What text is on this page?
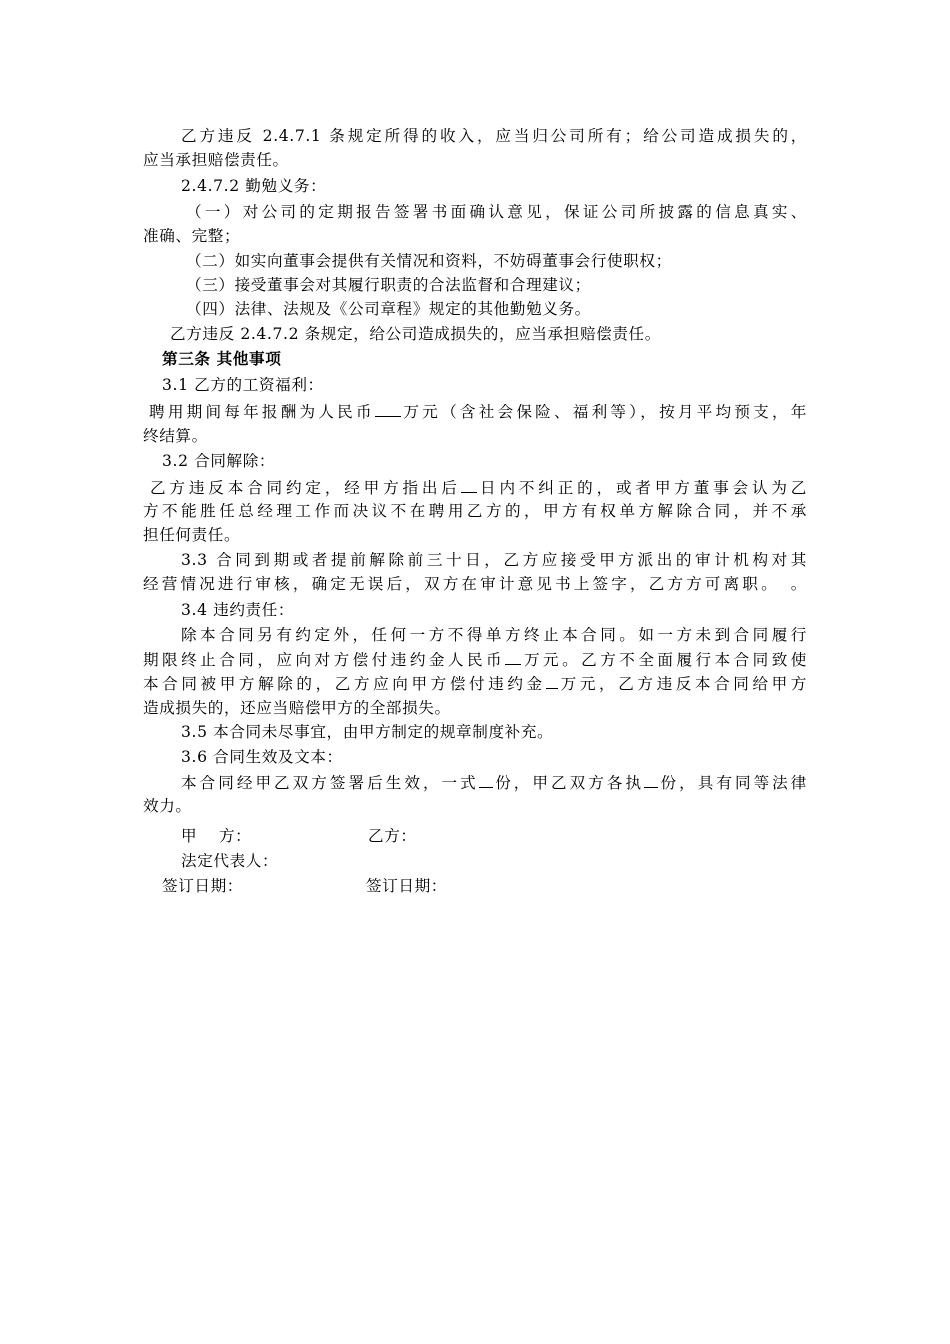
乙方违反 2.4.7.1 条规定所得的收入，应当归公司所有；给公司造成损失的，
应当承担赔偿责任。
2.4.7.2 勤勉义务：
（一）对公司的定期报告签署书面确认意见，保证公司所披露的信息真实、
准确、完整；
（二）如实向董事会提供有关情况和资料，不妨碍董事会行使职权；
（三）接受董事会对其履行职责的合法监督和合理建议；
（四）法律、法规及《公司章程》规定的其他勤勉义务。
乙方违反 2.4.7.2 条规定，给公司造成损失的，应当承担赔偿责任。
第三条 其他事项
3.1 乙方的工资福利：
聘用期间每年报酬为人民币 万元（含社会保险、福利等），按月平均预支，年
终结算。
3.2 合同解除：
乙方违反本合同约定，经甲方指出后 日内不纠正的，或者甲方董事会认为乙
方不能胜任总经理工作而决议不在聘用乙方的，甲方有权单方解除合同，并不承
担任何责任。
3.3 合同到期或者提前解除前三十日，乙方应接受甲方派出的审计机构对其
经营情况进行审核，确定无误后，双方在审计意见书上签字，乙方方可离职。　。
3.4 违约责任：
除本合同另有约定外，任何一方不得单方终止本合同。如一方未到合同履行
期限终止合同，应向对方偿付违约金人民币 万元。乙方不全面履行本合同致使
本合同被甲方解除的，乙方应向甲方偿付违约金 万元，乙方违反本合同给甲方
造成损失的，还应当赔偿甲方的全部损失。
3.5 本合同未尽事宜，由甲方制定的规章制度补充。
3.6 合同生效及文本：
本合同经甲乙双方签署后生效，一式 份，甲乙双方各执 份，具有同等法律
效力。
甲　 方：	乙方：
法定代表人：
签订日期：	签订日期：
